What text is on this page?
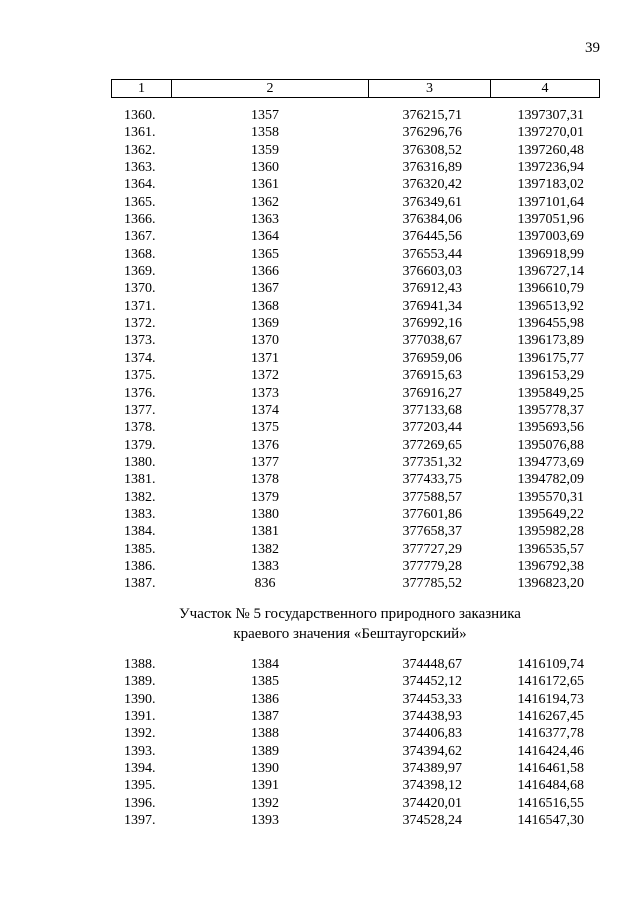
39
1	2	3	4
1360.	1357	376215,71	1397307,31
1361.	1358	376296,76	1397270,01
1362.	1359	376308,52	1397260,48
1363.	1360	376316,89	1397236,94
1364.	1361	376320,42	1397183,02
1365.	1362	376349,61	1397101,64
1366.	1363	376384,06	1397051,96
1367.	1364	376445,56	1397003,69
1368.	1365	376553,44	1396918,99
1369.	1366	376603,03	1396727,14
1370.	1367	376912,43	1396610,79
1371.	1368	376941,34	1396513,92
1372.	1369	376992,16	1396455,98
1373.	1370	377038,67	1396173,89
1374.	1371	376959,06	1396175,77
1375.	1372	376915,63	1396153,29
1376.	1373	376916,27	1395849,25
1377.	1374	377133,68	1395778,37
1378.	1375	377203,44	1395693,56
1379.	1376	377269,65	1395076,88
1380.	1377	377351,32	1394773,69
1381.	1378	377433,75	1394782,09
1382.	1379	377588,57	1395570,31
1383.	1380	377601,86	1395649,22
1384.	1381	377658,37	1395982,28
1385.	1382	377727,29	1396535,57
1386.	1383	377779,28	1396792,38
1387.	836	377785,52	1396823,20
Участок № 5 государственного природного заказника
краевого значения «Бештаугорский»
1388.	1384	374448,67	1416109,74
1389.	1385	374452,12	1416172,65
1390.	1386	374453,33	1416194,73
1391.	1387	374438,93	1416267,45
1392.	1388	374406,83	1416377,78
1393.	1389	374394,62	1416424,46
1394.	1390	374389,97	1416461,58
1395.	1391	374398,12	1416484,68
1396.	1392	374420,01	1416516,55
1397.	1393	374528,24	1416547,30
